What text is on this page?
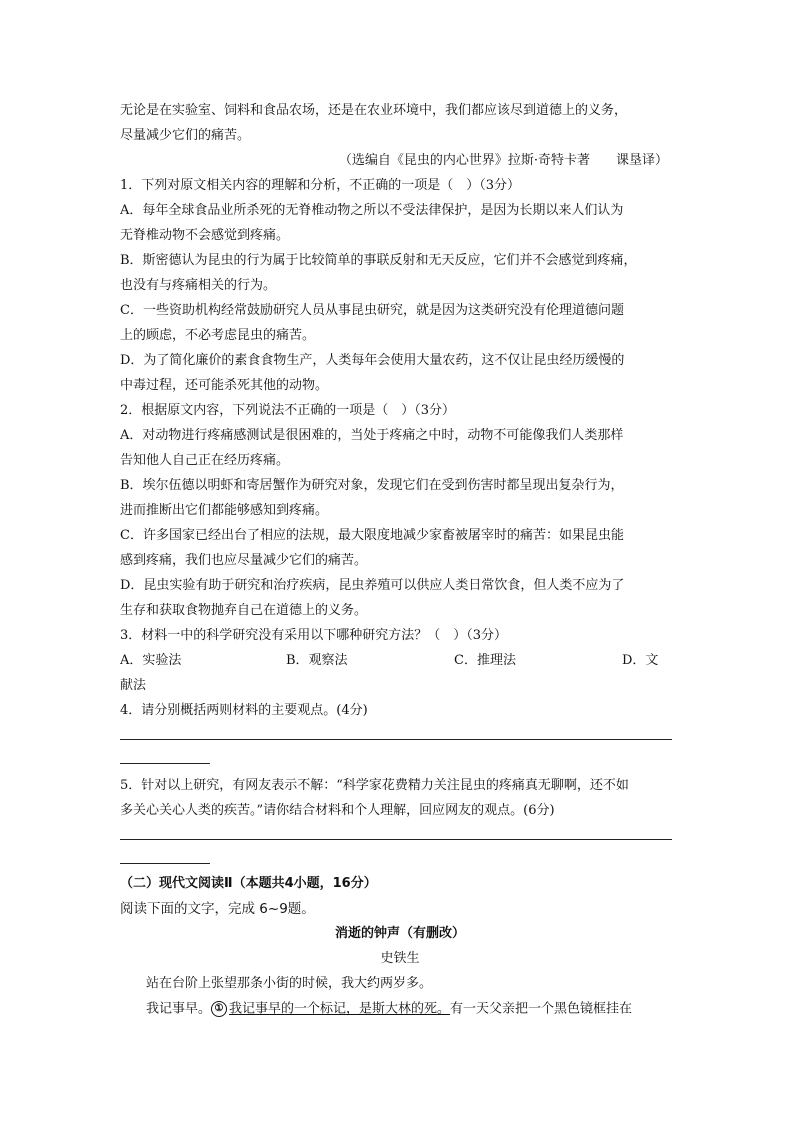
无论是在实验室、饲料和食品农场，还是在农业环境中，我们都应该尽到道德上的义务，
尽量减少它们的痛苦。
（选编自《昆虫的内心世界》拉斯·奇特卡著　　课垦译）
1．下列对原文相关内容的理解和分析，不正确的一项是（　）（3分）
A．每年全球食品业所杀死的无脊椎动物之所以不受法律保护，是因为长期以来人们认为
无脊椎动物不会感觉到疼痛。
B．斯密德认为昆虫的行为属于比较简单的事联反射和无天反应，它们并不会感觉到疼痛，
也没有与疼痛相关的行为。
C．一些资助机构经常鼓励研究人员从事昆虫研究，就是因为这类研究没有伦理道德问题
上的顾虑，不必考虑昆虫的痛苦。
D．为了简化廉价的素食食物生产，人类每年会使用大量农药，这不仅让昆虫经历缓慢的
中毒过程，还可能杀死其他的动物。
2．根据原文内容，下列说法不正确的一项是（　）（3分）
A．对动物进行疼痛感测试是很困难的，当处于疼痛之中时，动物不可能像我们人类那样
告知他人自己正在经历疼痛。
B．埃尔伍德以明虾和寄居蟹作为研究对象，发现它们在受到伤害时都呈现出复杂行为，
进而推断出它们都能够感知到疼痛。
C．许多国家已经出台了相应的法规，最大限度地减少家畜被屠宰时的痛苦：如果昆虫能
感到疼痛，我们也应尽量减少它们的痛苦。
D．昆虫实验有助于研究和治疗疾病，昆虫养殖可以供应人类日常饮食，但人类不应为了
生存和获取食物抛弃自己在道德上的义务。
3．材料一中的科学研究没有采用以下哪种研究方法？（　）（3分）
A．实验法	B．观察法	C．推理法	D．文
献法
4．请分别概括两则材料的主要观点。(4分)
5．针对以上研究，有网友表示不解：“科学家花费精力关注昆虫的疼痛真无聊啊，还不如
多关心关心人类的疾苦。”请你结合材料和个人理解，回应网友的观点。(6分)
（二）现代文阅读Ⅱ（本题共4小题，16分）
阅读下面的文字，完成 6~9题。
消逝的钟声（有删改）
史铁生
站在台阶上张望那条小街的时候，我大约两岁多。
我记事早。 ① 我记事早的一个标记，是斯大林的死。有一天父亲把一个黑色镜框挂在
